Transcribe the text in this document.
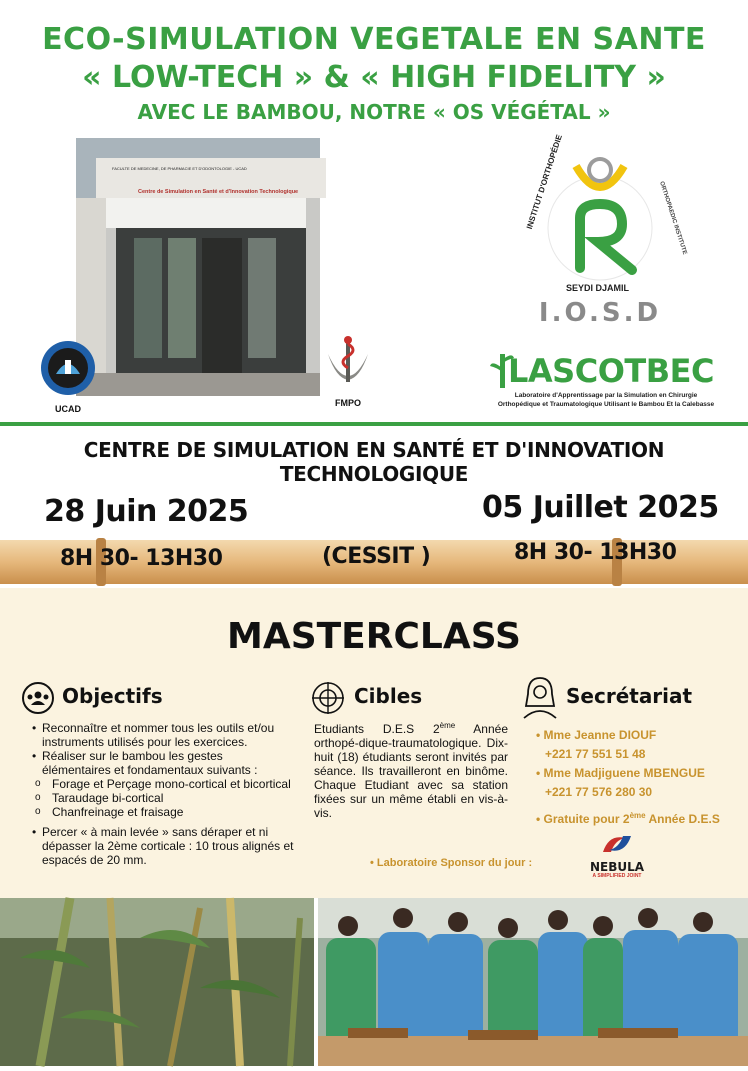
ECO-SIMULATION VEGETALE EN SANTE
« LOW-TECH » & « HIGH FIDELITY »
AVEC LE BAMBOU, NOTRE « OS VÉGÉTAL »
FACULTE DE MEDECINE, DE PHARMACIE ET D'ODONTOLOGIE - UCAD
Centre de Simulation en Santé et d'Innovation Technologique
UCAD
FMPO
INSTITUT D'ORTHOPÉDIE
SEYDI DJAMIL
ORTHOPAEDIC INSTITUTE
I.O.S.D
LASCOTBEC
Laboratoire d'Apprentissage par la Simulation en Chirurgie
Orthopédique et Traumatologique Utilisant le Bambou Et la Calebasse
CENTRE DE SIMULATION EN SANTÉ ET D'INNOVATION TECHNOLOGIQUE
28 Juin 2025
8H 30- 13H30	(CESSIT )
05 Juillet 2025
8H 30- 13H30
MASTERCLASS
Objectifs
• Reconnaître et nommer tous les outils et/ou instruments utilisés pour les exercices.
• Réaliser sur le bambou les gestes élémentaires et fondamentaux suivants :
o Forage et Perçage mono-cortical et bicortical
o Taraudage bi-cortical
o Chanfreinage et fraisage
• Percer « à main levée » sans déraper et ni dépasser la 2ème corticale : 10 trous alignés et espacés de 20 mm.
Cibles
Etudiants D.E.S 2ème Année orthopé-dique-traumatologique. Dix-huit (18) étudiants seront invités par séance. Ils travailleront en binôme. Chaque Etudiant avec sa station fixées sur un même établi en vis-à-vis.
Secrétariat
• Mme Jeanne DIOUF
+221 77 551 51 48
• Mme Madjiguene MBENGUE
+221 77 576 280 30
• Gratuite pour 2ème Année D.E.S
• Laboratoire Sponsor du jour :	NEBULA
A SIMPLIFIED JOINT
